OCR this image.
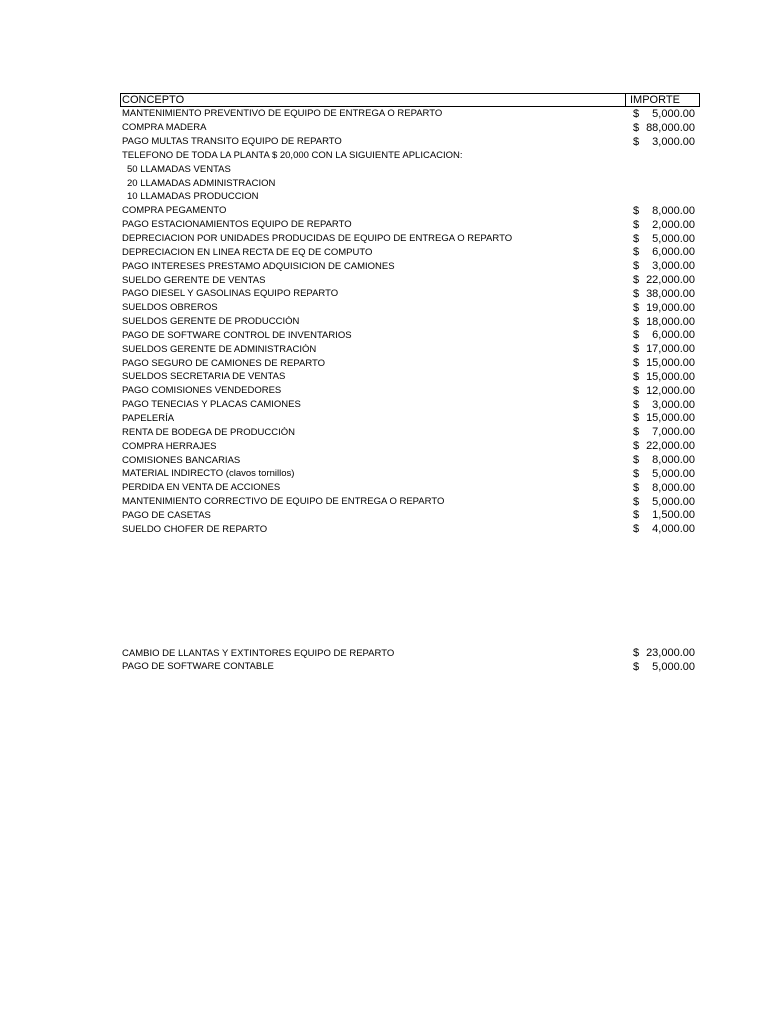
CONCEPTO	IMPORTE
MANTENIMIENTO PREVENTIVO DE EQUIPO DE ENTREGA O REPARTO	$ 5,000.00
COMPRA MADERA	$ 88,000.00
PAGO MULTAS TRANSITO EQUIPO DE REPARTO	$ 3,000.00
TELEFONO DE TODA LA PLANTA $ 20,000 CON LA SIGUIENTE APLICACION:
50 LLAMADAS VENTAS
20 LLAMADAS ADMINISTRACION
10 LLAMADAS PRODUCCION
COMPRA PEGAMENTO	$ 8,000.00
PAGO ESTACIONAMIENTOS EQUIPO DE REPARTO	$ 2,000.00
DEPRECIACION POR UNIDADES PRODUCIDAS DE EQUIPO DE ENTREGA O REPARTO	$ 5,000.00
DEPRECIACION EN LINEA RECTA DE EQ DE COMPUTO	$ 6,000.00
PAGO INTERESES PRESTAMO ADQUISICION DE CAMIONES	$ 3,000.00
SUELDO GERENTE DE VENTAS	$ 22,000.00
PAGO DIESEL Y GASOLINAS EQUIPO REPARTO	$ 38,000.00
SUELDOS OBREROS	$ 19,000.00
SUELDOS GERENTE DE PRODUCCIÓN	$ 18,000.00
PAGO DE SOFTWARE CONTROL DE INVENTARIOS	$ 6,000.00
SUELDOS GERENTE DE ADMINISTRACIÓN	$ 17,000.00
PAGO SEGURO DE CAMIONES DE REPARTO	$ 15,000.00
SUELDOS SECRETARIA DE VENTAS	$ 15,000.00
PAGO COMISIONES VENDEDORES	$ 12,000.00
PAGO TENECIAS Y PLACAS CAMIONES	$ 3,000.00
PAPELERÍA	$ 15,000.00
RENTA DE BODEGA DE PRODUCCIÓN	$ 7,000.00
COMPRA HERRAJES	$ 22,000.00
COMISIONES BANCARIAS	$ 8,000.00
MATERIAL INDIRECTO (clavos tornillos)	$ 5,000.00
PERDIDA EN VENTA DE ACCIONES	$ 8,000.00
MANTENIMIENTO CORRECTIVO DE EQUIPO DE ENTREGA O REPARTO	$ 5,000.00
PAGO DE CASETAS	$ 1,500.00
SUELDO CHOFER DE REPARTO	$ 4,000.00
CAMBIO DE LLANTAS Y EXTINTORES EQUIPO DE REPARTO	$ 23,000.00
PAGO DE SOFTWARE CONTABLE	$ 5,000.00
